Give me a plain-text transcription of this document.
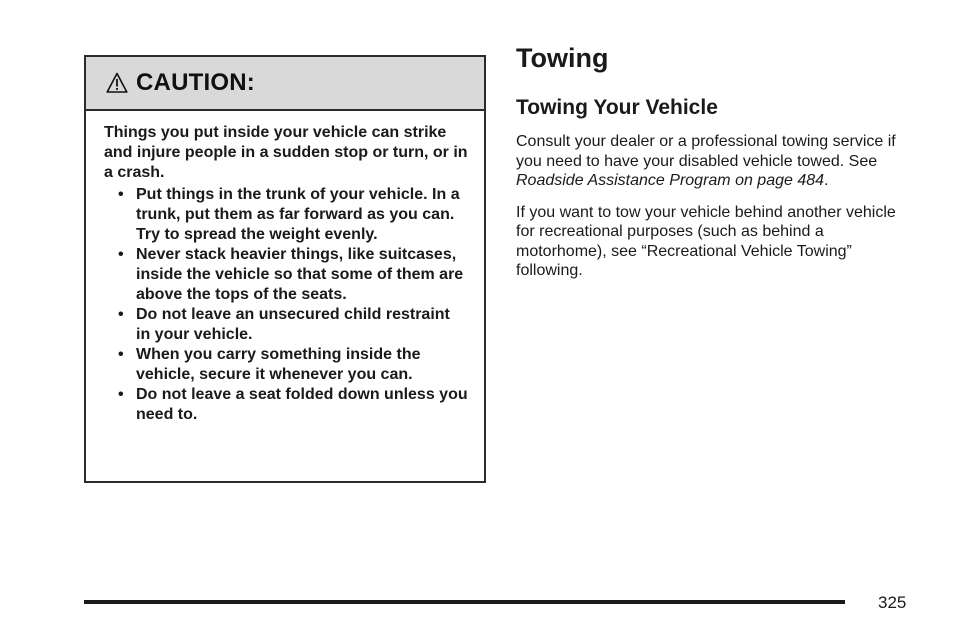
CAUTION:

Things you put inside your vehicle can strike and injure people in a sudden stop or turn, or in a crash.

• Put things in the trunk of your vehicle. In a trunk, put them as far forward as you can. Try to spread the weight evenly.
• Never stack heavier things, like suitcases, inside the vehicle so that some of them are above the tops of the seats.
• Do not leave an unsecured child restraint in your vehicle.
• When you carry something inside the vehicle, secure it whenever you can.
• Do not leave a seat folded down unless you need to.
Towing
Towing Your Vehicle

Consult your dealer or a professional towing service if you need to have your disabled vehicle towed. See Roadside Assistance Program on page 484.

If you want to tow your vehicle behind another vehicle for recreational purposes (such as behind a motorhome), see “Recreational Vehicle Towing” following.

325
